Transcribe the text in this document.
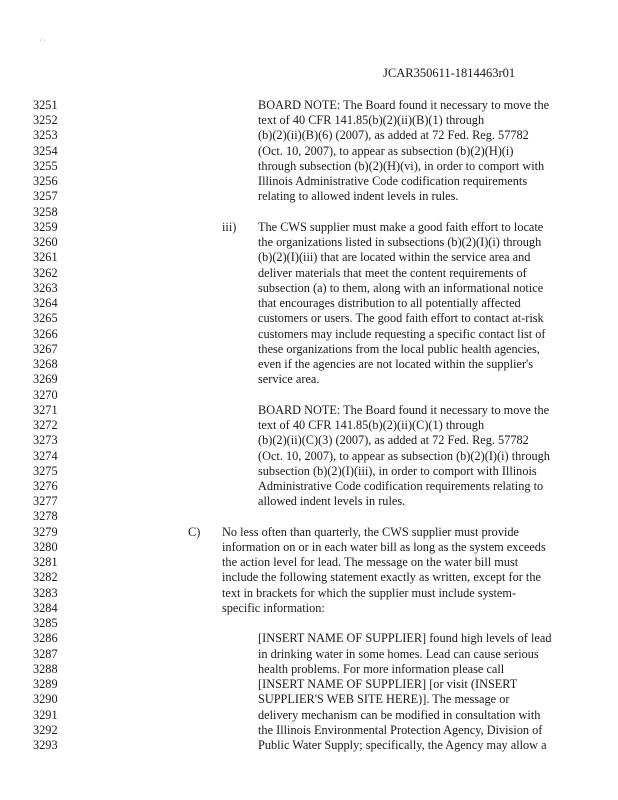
' '
JCAR350611-1814463r01
3251	BOARD NOTE: The Board found it necessary to move the
3252	text of 40 CFR 141.85(b)(2)(ii)(B)(1) through
3253	(b)(2)(ii)(B)(6) (2007), as added at 72 Fed. Reg. 57782
3254	(Oct. 10, 2007), to appear as subsection (b)(2)(H)(i)
3255	through subsection (b)(2)(H)(vi), in order to comport with
3256	Illinois Administrative Code codification requirements
3257	relating to allowed indent levels in rules.
3258
3259	iii) The CWS supplier must make a good faith effort to locate
3260	the organizations listed in subsections (b)(2)(I)(i) through
3261	(b)(2)(I)(iii) that are located within the service area and
3262	deliver materials that meet the content requirements of
3263	subsection (a) to them, along with an informational notice
3264	that encourages distribution to all potentially affected
3265	customers or users. The good faith effort to contact at-risk
3266	customers may include requesting a specific contact list of
3267	these organizations from the local public health agencies,
3268	even if the agencies are not located within the supplier's
3269	service area.
3270
3271	BOARD NOTE: The Board found it necessary to move the
3272	text of 40 CFR 141.85(b)(2)(ii)(C)(1) through
3273	(b)(2)(ii)(C)(3) (2007), as added at 72 Fed. Reg. 57782
3274	(Oct. 10, 2007), to appear as subsection (b)(2)(I)(i) through
3275	subsection (b)(2)(I)(iii), in order to comport with Illinois
3276	Administrative Code codification requirements relating to
3277	allowed indent levels in rules.
3278
3279	C) No less often than quarterly, the CWS supplier must provide
3280	information on or in each water bill as long as the system exceeds
3281	the action level for lead. The message on the water bill must
3282	include the following statement exactly as written, except for the
3283	text in brackets for which the supplier must include system-
3284	specific information:
3285
3286	[INSERT NAME OF SUPPLIER] found high levels of lead
3287	in drinking water in some homes. Lead can cause serious
3288	health problems. For more information please call
3289	[INSERT NAME OF SUPPLIER] [or visit (INSERT
3290	SUPPLIER'S WEB SITE HERE)]. The message or
3291	delivery mechanism can be modified in consultation with
3292	the Illinois Environmental Protection Agency, Division of
3293	Public Water Supply; specifically, the Agency may allow a
